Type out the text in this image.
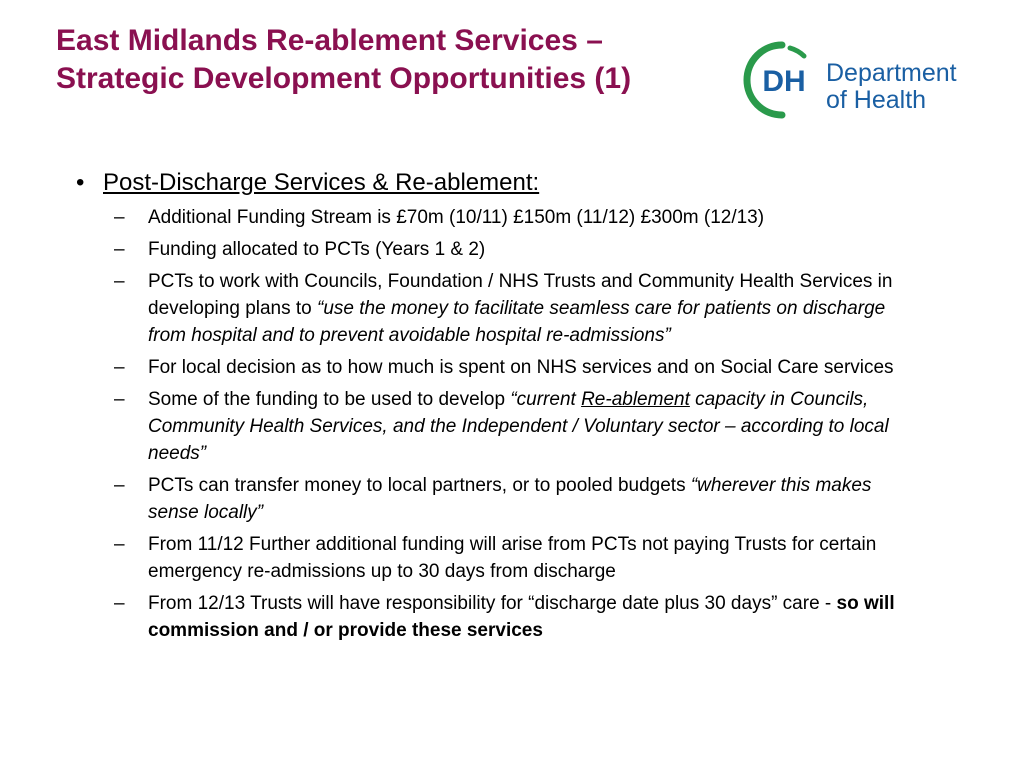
East Midlands Re-ablement Services –
Strategic Development Opportunities (1)	DH Department
of Health
• Post-Discharge Services & Re-ablement:
–	Additional Funding Stream is £70m (10/11) £150m (11/12) £300m (12/13)
–	Funding allocated to PCTs (Years 1 & 2)
–	PCTs to work with Councils, Foundation / NHS Trusts and Community Health Services in developing plans to “use the money to facilitate seamless care for patients on discharge from hospital and to prevent avoidable hospital re-admissions”
–	For local decision as to how much is spent on NHS services and on Social Care services
–	Some of the funding to be used to develop “current Re-ablement capacity in Councils, Community Health Services, and the Independent / Voluntary sector – according to local needs”
–	PCTs can transfer money to local partners, or to pooled budgets “wherever this makes sense locally”
–	From 11/12 Further additional funding will arise from PCTs not paying Trusts for certain emergency re-admissions up to 30 days from discharge
–	From 12/13 Trusts will have responsibility for “discharge date plus 30 days” care - so will commission and / or provide these services
